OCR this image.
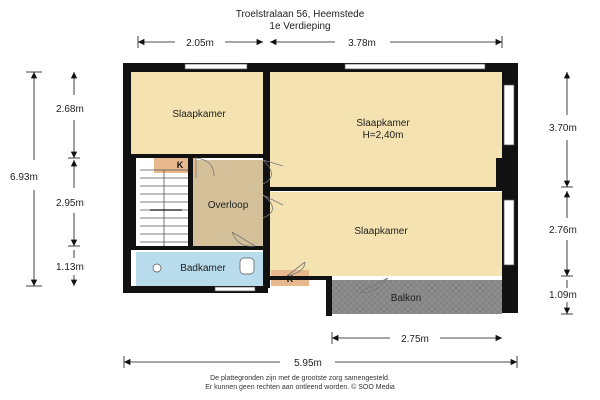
Troelstralaan 56, Heemstede
1e Verdieping
Slaapkamer
Slaapkamer
H=2,40m
Overloop
Slaapkamer
Badkamer
Balkon
K
K
2.05m	3.78m
6.93m
2.68m
2.95m
1.13m
3.70m
2.76m
1.09m
2.75m
5.95m
De plattegronden zijn met de grootste zorg samengesteld.
Er kunnen geen rechten aan ontleend worden. © SOO Media
